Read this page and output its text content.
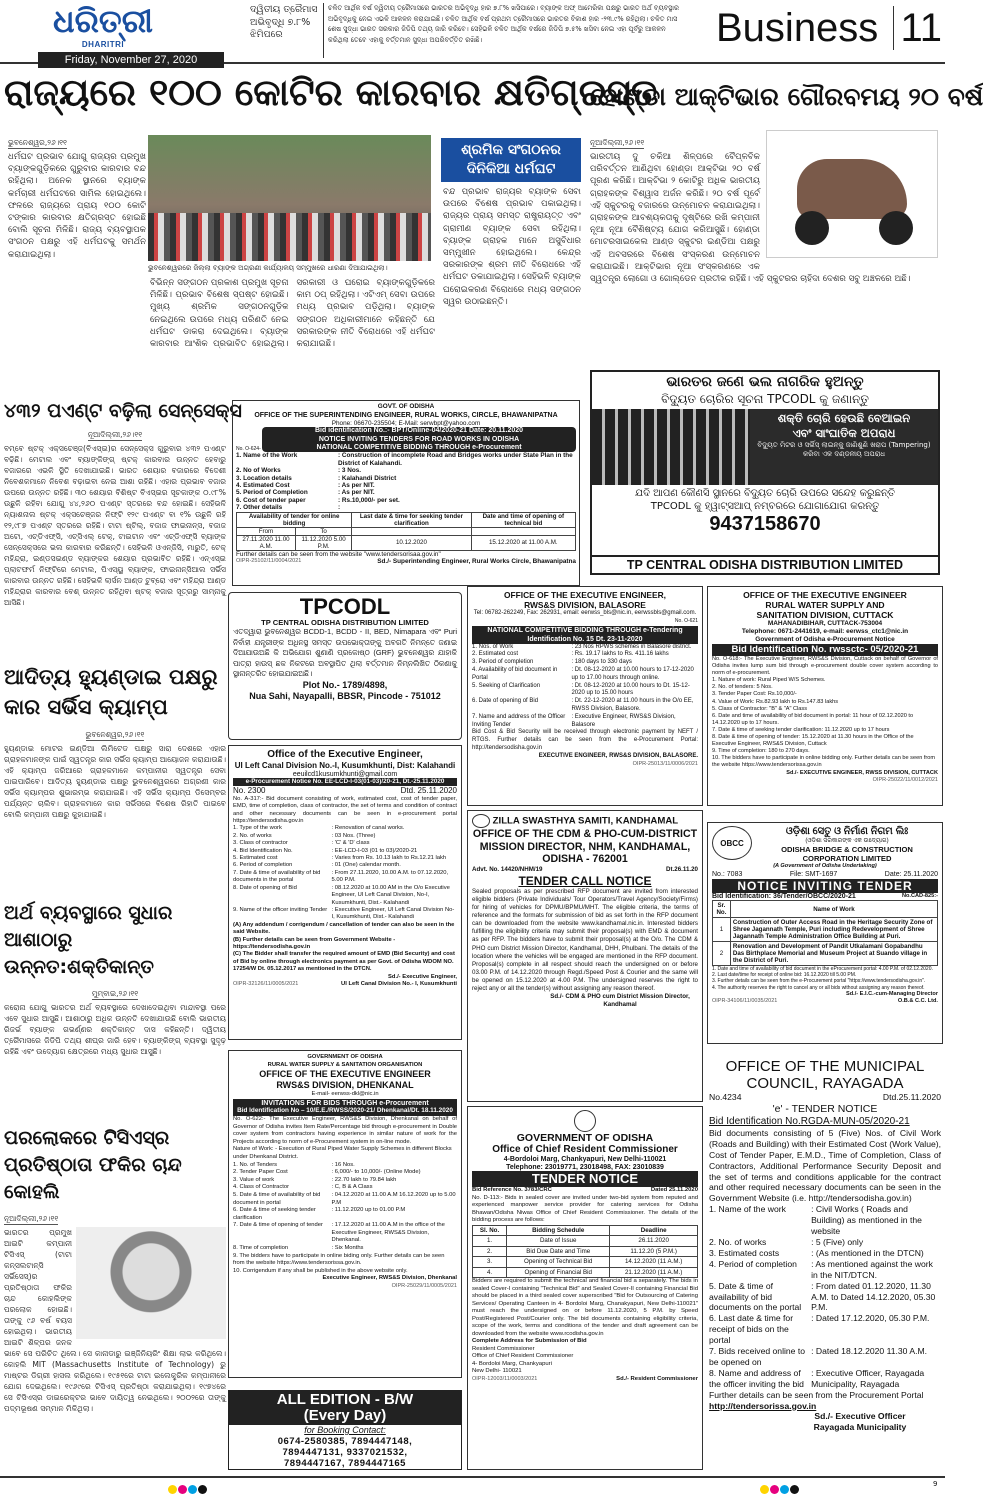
ଧରିତ୍ରୀ
DHARITRI
Friday, November 27, 2020
ଦ୍ୱିତୀୟ ତ୍ରୈମାସ ଅଭିବୃଦ୍ଧି ୭.୮% ଝିମିପରେ
ଚଳିତ ଆର୍ଥିକ ବର୍ଷ ଦ୍ୱିତୀୟ ତ୍ରୈମାସରେ ଭାରତର ଅଭିବୃଦ୍ଧି ହାର ୭.୮% ଖସିପାରେ। ବ୍ୟାଙ୍କ ଅଫ୍ ଆମେରିକା ପକ୍ଷରୁ ଭାରତ ଅର୍ଥ ବ୍ୟବସ୍ଥାର ଅଭିବୃଦ୍ଧିକୁ ନେଇ ଏଭଳି ଆକଳନ କରାଯାଇଛି। ଚଳିତ ଆର୍ଥିକ ବର୍ଷ ପ୍ରଥମ ତ୍ରୈମାସରେ ଭାରତର ବିକାଶ ହାର -୨୩.୯% ରହିଥିଲା। ଚଳିତ ମାସ ଶେଷ ସୁଦ୍ଧା ଭାରତ ସରକାର ଜିଡିପି ତଥ୍ୟ ଜାରି କରିବେ। ସେହିଭଳି ଚଳିତ ଆର୍ଥିକ ବର୍ଷରେ ଜିଡିପି ୭.୫% ଖସିବା ନେଇ ଏହା ପୂର୍ବରୁ ଆକଳନ କରିଥିଲା ତେବେ ଏହାକୁ ବର୍ତ୍ତମାନ ସୁଦ୍ଧା ଅପରିବର୍ତ୍ତିତ ରଖିଛି।	Business 11
ରାଜ୍ୟରେ ୧୦୦ କୋଟିର କାରବାର କ୍ଷତିଗ୍ରସ୍ତ
ଭୁବନେଶ୍ୱର,୨୬।୧୧
ଧର୍ମଘଟ ପ୍ରଭାବ ଯୋଗୁ ରାଜ୍ୟର ପ୍ରମୁଖ ବ୍ୟାଙ୍କଗୁଡ଼ିକରେ ଗୁରୁବାର କାରବାର ବନ୍ଦ ରହିଥିଲା। ଅନେକ ସ୍ଥାନରେ ବ୍ୟାଙ୍କ କର୍ମଚାରୀ ଧର୍ମଘଟରେ ସାମିଲ ହୋଇଥିଲେ। ଫଳରେ ରାଜ୍ୟରେ ପ୍ରାୟ ୧୦୦ କୋଟି ଟଙ୍କାର କାରବାର କ୍ଷତିଗ୍ରସ୍ତ ହୋଇଛି ବୋଲି ସୂଚନା ମିଳିଛି। ରାଜ୍ୟ ବ୍ୟବସ୍ଥାପକ ସଂଗଠନ ପକ୍ଷରୁ ଏହି ଧର୍ମଘଟକୁ ସମର୍ଥନ କରାଯାଇଥିଲା।
ଭୁବନେଶ୍ୱରରେ ଜିଲ୍ଲା ବ୍ୟାଙ୍କ ଅଗ୍ରଣୀ କାର୍ଯ୍ୟାଳୟ ସମ୍ମୁଖରେ ଧାରଣା ଦିଆଯାଇଥିଲା।
ବିଭିନ୍ନ ସଙ୍ଗଠନ ପ୍ରକାଶ ପ୍ରମୁଖ ସୂଚନା ମିଳିଛି। ପ୍ରଭାବ ବିଶେଷ ସ୍ପଷ୍ଟ ହୋଇଛି। ମୁଖ୍ୟ ଶ୍ରମିକ ସଙ୍ଗଠନଗୁଡ଼ିକ ନେଇଥିଲେ ଉପରେ ମଧ୍ୟ ପରିଣତି ନେଇ ଧର୍ମଘଟ ଡାକରା ଦେଇଥିଲେ। ବ୍ୟାଙ୍କ କାରବାର ଆଂଶିକ ପ୍ରଭାବିତ ହୋଇଥିଲା। ସରକାରୀ ଓ ଘରୋଇ ବ୍ୟାଙ୍କଗୁଡ଼ିକରେ କାମ ଠପ୍ ରହିଥିଲା। ଏଟିଏମ୍ ସେବା ଉପରେ ମଧ୍ୟ ପ୍ରଭାବ ପଡ଼ିଥିଲା। ବ୍ୟାଙ୍କ ସଙ୍ଗଠନ ଅଧିକାରୀମାନେ କହିଛନ୍ତି ଯେ ସରକାରଙ୍କ ନୀତି ବିରୋଧରେ ଏହି ଧର୍ମଘଟ କରାଯାଇଛି।
ଶ୍ରମିକ ସଂଗଠନର ଦିନିକିଆ ଧର୍ମଘଟ
ବନ୍ଦ ପ୍ରଭାବ ରାଜ୍ୟର ବ୍ୟାଙ୍କ ସେବା ଉପରେ ବିଶେଷ ପ୍ରଭାବ ପକାଇଥିଲା। ରାଜ୍ୟର ପ୍ରାୟ ସମସ୍ତ ରାଷ୍ଟ୍ରାୟତ୍ତ ଏବଂ ଗ୍ରାମୀଣ ବ୍ୟାଙ୍କ ସେବା ରହିଥିଲା। ବ୍ୟାଙ୍କ ଗ୍ରାହକ ମାନେ ଅସୁବିଧାର ସମ୍ମୁଖୀନ ହୋଇଥିଲେ। କେନ୍ଦ୍ର ସରକାରଙ୍କ ଶ୍ରମ ନୀତି ବିରୋଧରେ ଏହି ଧର୍ମଘଟ ଡକାଯାଇଥିଲା। ସେହିଭଳି ବ୍ୟାଙ୍କ ଘରୋଇକରଣ ବିରୋଧରେ ମଧ୍ୟ ସଙ୍ଗଠନ ସ୍ୱର ଉଠାଇଛନ୍ତି।
ହୋଣ୍ଡା ଆକ୍ଟିଭାର ଗୌରବମୟ ୨୦ ବର୍ଷ
ନୂଆଦିଲ୍ଲୀ,୨୬।୧୧
ଭାରତୀୟ ଦୁ ଚକିଆ ଶିଳ୍ପରେ ବୈପ୍ଳବିକ ପରିବର୍ତ୍ତନ ଆଣିଥିବା ହୋଣ୍ଡା ଆକ୍ଟିଭା ୨୦ ବର୍ଷ ପୂରଣ କରିଛି। ଆକ୍ଟିଭା ୨ କୋଟିରୁ ଅଧିକ ଭାରତୀୟ ଗ୍ରାହକଙ୍କ ବିଶ୍ୱାସ ଅର୍ଜନ କରିଛି। ୨୦ ବର୍ଷ ପୂର୍ବେ ଏହି ସ୍କୁଟରକୁ ବଜାରରେ ଉନ୍ମୋଚନ କରାଯାଇଥିଲା। ଗ୍ରାହକଙ୍କ ଆବଶ୍ୟକତାକୁ ଦୃଷ୍ଟିରେ ରଖି କମ୍ପାନୀ ନୂଆ ନୂଆ ବୈଶିଷ୍ଟ୍ୟ ଯୋଗ କରିଆସୁଛି। ହୋଣ୍ଡା ମୋଟରସାଇକେଲ ଆଣ୍ଡ ସ୍କୁଟର ଇଣ୍ଡିଆ ପକ୍ଷରୁ ଏହି ଅବସରରେ ବିଶେଷ ସଂସ୍କରଣ ଉନ୍ମୋଚନ କରାଯାଇଛି। ଆକ୍ଟିଭାର ନୂଆ ସଂସ୍କରଣରେ ଏକ ସ୍ୱତନ୍ତ୍ର ଲୋଗୋ ଓ ଗୋଲ୍ଡେନ ପ୍ରତୀକ ରହିଛି। ଏହି ସ୍କୁଟରର ଚାହିଦା ଦେଶର ସବୁ ଅଞ୍ଚଳରେ ଅଛି।
ଭାରତର ଜଣେ ଭଲ ନାଗରିକ ହୁଅନ୍ତୁ
ବିଦ୍ୟୁତ ଚୋରିର ସୂଚନା TPCODL କୁ ଜଣାନ୍ତୁ
ଶକ୍ତି ଚୋରି ହେଉଛି ବେଆଇନ
ଏବଂ ସାଂଘାତିକ ଅପରାଧ
ବିଦ୍ୟୁତ ମିଟର ଓ ସର୍ଭିସ୍ ଲାଇନ୍‌କୁ ଜାଣିଶୁଣି ଖରାପ (Tampering) କରିବା ଏକ ଦଣ୍ଡନୀୟ ଅପରାଧ
ଯଦି ଆପଣ କୌଣସି ସ୍ଥାନରେ ବିଦ୍ୟୁତ ଚୋରି ଉପରେ ସନ୍ଦେହ କରୁଛନ୍ତି
TPCODL କୁ ହ୍ୱାଟ୍‌ସଆପ୍ ନମ୍ବରରେ ଯୋଗାଯୋଗ କରନ୍ତୁ
9437158670
TP CENTRAL ODISHA DISTRIBUTION LIMITED
୪୩୨ ପଏଣ୍ଟ ବଢ଼ିଲା ସେନ୍‌ସେକ୍ସ
ନୂଆଦିଲ୍ଲୀ,୨୬।୧୧
ବମ୍ବେ ଷ୍ଟକ୍ ଏକ୍ସଚେଞ୍ଜ(ବିଏସ୍‌ଇ)ର ସେନ୍‌ସେକ୍ସ ଗୁରୁବାର ୪୩୨ ପଏଣ୍ଟ ବଢ଼ିଛି। ମେଟାଲ ଏବଂ ବ୍ୟାଙ୍କିଙ୍ଗ୍ ଷ୍ଟକ୍ କାରବାର ଉନ୍ନତ ହେବାରୁ ବଜାରରେ ଏଭଳି ସ୍ଥିତି ଦେଖାଯାଇଛି। ଭାରତ ଶେୟାର ବଜାରରେ ବିଦେଶୀ ନିବେଶକମାନେ ନିବେଶ ବଢ଼ାଇବା ନେଇ ଆଶା ରହିଛି। ଏହାର ପ୍ରଭାବ ବଜାର ଉପରେ ଉନ୍ନତ ରହିଛି। ୩୦ ଶେୟାର ବିଶିଷ୍ଟ ବିଏସ୍‌ଇର ସୂଚକାଙ୍କ ୦.୯୮% ଉଛୁଳି ରହିବା ଯୋଗୁ ୪୪,୨୬୦ ପଏଣ୍ଟ ସ୍ତରରେ ବନ୍ଦ ହୋଇଛି। ସେହିଭଳି ନ୍ୟାଶନାଲ ଷ୍ଟକ୍ ଏକ୍ସଚେଞ୍ଜର ନିଫ୍ଟି ୧୨୯ ପଏଣ୍ଟ ବା ୧% ଉଛୁଳି ରହି ୧୨,୯୮୭ ପଏଣ୍ଟ ସ୍ତରରେ ରହିଛି। ଟାଟା ଷ୍ଟିଲ୍, ବଜାଜ ଫାଇନାନ୍ସ, ବଜାଜ ଅଟୋ, ଏଚ୍‌ଡିଏଫ୍‌ସି, ଏଚ୍‌ସିଏଲ୍ ଟେକ୍, ଟାଇଟାନ ଏବଂ ଏଚ୍‌ଡିଏଫ୍‌ସି ବ୍ୟାଙ୍କ ସେନ୍‌ସେକ୍ସରେ ଭଲ କାରବାର କରିଛନ୍ତି। ସେହିଭଳି ଓଏନ୍‌ଜିସି, ମାରୁତି, ଟେକ୍ ମହିନ୍ଦ୍ରା, ଇଣ୍ଡସଇଣ୍ଡ ବ୍ୟାଙ୍କର ଶେୟାର ପ୍ରଭାବିତ ରହିଛି। ଏନ୍‌ଏସ୍‌ଇ ପ୍ଲାଟଫର୍ମ ନିଫ୍ଟିରେ ମେଟାଲ, ପିଏସ୍‌ୟୁ ବ୍ୟାଙ୍କ, ଫାଇନାନ୍ସିଆଲ ସର୍ଭିସ କାରବାର ଉନ୍ନତ ରହିଛି। ସେହିଭଳି ଲାର୍ସନ ଆଣ୍ଡ ଟୁବ୍ରୋ ଏବଂ ମହିନ୍ଦ୍ରା ଆଣ୍ଡ ମହିନ୍ଦ୍ରାର କାରବାର ବେଶ୍ ଉନ୍ନତ ରହିଥିବା ଷ୍ଟକ୍ ବଜାର ସୂତ୍ରରୁ ସାମ୍ନାକୁ ଆସିଛି।
ଆଦିତ୍ୟ ହ୍ୟୁଣ୍ଡାଇ ପକ୍ଷରୁ କାର ସର୍ଭିସ କ୍ୟାମ୍ପ
ଭୁବନେଶ୍ୱର,୨୬।୧୧
ହ୍ୟୁଣ୍ଡାଇ ମୋଟର ଇଣ୍ଡିଆ ଲିମିଟେଡ ପକ୍ଷରୁ ସାରା ଦେଶରେ ଏହାର ଗ୍ରାହକମାନଙ୍କ ପାଇଁ ସ୍ୱତନ୍ତ୍ର କାର ସର୍ଭିସ କ୍ୟାମ୍ପ ଆୟୋଜନ କରାଯାଉଛି। ଏହି କ୍ୟାମ୍ପ ଜରିଆରେ ଗ୍ରାହକମାନେ କମ୍ପାନୀର ସ୍ୱତନ୍ତ୍ର ସେବା ପାଇପାରିବେ। ଆଦିତ୍ୟ ହ୍ୟୁଣ୍ଡାଇ ପକ୍ଷରୁ ଭୁବନେଶ୍ୱରରେ ଅଗ୍ରଣୀ କାର ସର୍ଭିସ କ୍ୟାମ୍ପର ଶୁଭାରମ୍ଭ କରାଯାଇଛି। ଏହି ସର୍ଭିସ କ୍ୟାମ୍ପ ଡିସେମ୍ବର ପର୍ଯ୍ୟନ୍ତ ଚାଲିବ। ଗ୍ରାହକମାନେ କାର ସର୍ଭିସରେ ବିଶେଷ ରିହାତି ପାଇବେ ବୋଲି କମ୍ପାନୀ ପକ୍ଷରୁ କୁହାଯାଇଛି।
ଅର୍ଥ ବ୍ୟବସ୍ଥାରେ ସୁଧାର ଆଶାଠାରୁ ଉନ୍ନତ:ଶକ୍ତିକାନ୍ତ
ମୁମ୍ବାଇ,୨୬।୧୧
କରୋନା ଯୋଗୁ ଭାରତର ଅର୍ଥ ବ୍ୟବସ୍ଥାରେ ଦେଖାଦେଇଥିବା ମାନ୍ଦାବସ୍ଥା ପରେ ଏବେ ସୁଧାର ଆସୁଛି। ଆଶାଠାରୁ ଅଧିକ ଉନ୍ନତି ଦେଖାଯାଉଛି ବୋଲି ଭାରତୀୟ ରିଜର୍ଭ ବ୍ୟାଙ୍କ ଗଭର୍ଣ୍ଣର ଶକ୍ତିକାନ୍ତ ଦାସ କହିଛନ୍ତି। ଦ୍ୱିତୀୟ ତ୍ରୈମାସରେ ଜିଡିପି ତଥ୍ୟ ଶୀଘ୍ର ଜାରି ହେବ। ବ୍ୟାଙ୍କିଙ୍ଗ୍ ବ୍ୟବସ୍ଥା ସୁଦୃଢ଼ ରହିଛି ଏବଂ ଉଦ୍ୟୋଗ କ୍ଷେତ୍ରରେ ମଧ୍ୟ ସୁଧାର ଆସୁଛି।
ପରଲୋକରେ ଟିସିଏସ୍‌ର ପ୍ରତିଷ୍ଠାତା ଫକିର ଚାନ୍ଦ କୋହଲି
ନୂଆଦିଲ୍ଲୀ,୨୬।୧୧
ଭାରତର ପ୍ରମୁଖ ଆଇଟି କମ୍ପାନୀ ଟିସିଏସ୍ (ଟାଟା କନ୍‌ସଲଟାନ୍‌ସି ସର୍ଭିସେସ୍)ର ପ୍ରତିଷ୍ଠାତା ଫକିର ଚାନ୍ଦ କୋହଲିଙ୍କ ପରଲୋକ ହୋଇଛି। ତାଙ୍କୁ ୯୬ ବର୍ଷ ବୟସ ହୋଇଥିଲା। ଭାରତୀୟ ଆଇଟି ଶିଳ୍ପର ଜନକ ଭାବେ ସେ ପରିଚିତ ଥିଲେ। ସେ କାନାଡାରୁ ଇଞ୍ଜିନିୟରିଂ ଶିକ୍ଷା ଲାଭ କରିଥିଲେ। କୋହଲି MIT (Massachusetts Institute of Technology) ରୁ ମାଷ୍ଟର ଡିଗ୍ରୀ ହାସଲ କରିଥିଲେ। ୧୯୫୧ରେ ଟାଟା ଇଲେକ୍ଟ୍ରିକ କମ୍ପାନୀରେ ଯୋଗ ଦେଇଥିଲେ। ୧୯୬୯ରେ ଟିସିଏସ୍ ପ୍ରତିଷ୍ଠା କରାଯାଇଥିଲା। ୧୯୭୪ରେ ସେ ଟିସିଏସ୍‌ର ଡାଇରେକ୍ଟର ଭାବେ ଦାୟିତ୍ୱ ନେଇଥିଲେ। ୨୦୦୨ରେ ତାଙ୍କୁ ପଦ୍ମଭୂଷଣ ସମ୍ମାନ ମିଳିଥିଲା।
GOVT. OF ODISHA
OFFICE OF THE SUPERINTENDING ENGINEER, RURAL WORKS, CIRCLE, BHAWANIPATNA
Phone: 06670-235504; E-Mail: serwbpt@yahoo.com
No. O-624-
Bid identification No.:- BPT/Online-04/2020-21 Date: 20.11.2020
NOTICE INVITING TENDERS FOR ROAD WORKS IN ODISHA
NATIONAL COMPETITIVE BIDDING THROUGH e-Procurement
1. Name of the Work	: Construction of incomplete Road and Bridges works under State Plan in the District of Kalahandi.
2. No of Works	: 3 Nos.
3. Location details	: Kalahandi District
4. Estimated Cost	: As per NIT.
5. Period of Completion	: As per NIT.
6. Cost of tender paper	: Rs.10,000/- per set.
7. Other details
:
Availability of tender for online bidding		Last date & time for seeking tender clarification	Date and time of opening of technical bid
From	To		
27.11.2020 11.00 A.M.	11.12.2020 5.00 P.M.	10.12.2020	15.12.2020 at 11.00 A.M.
Further details can be seen from the website "www.tendersorisaa.gov.in"
OIPR-25102/11/0004/2021	Sd./- Superintending Engineer, Rural Works Circle, Bhawanipatna
TPCODL
TP CENTRAL ODISHA DISTRIBUTION LIMITED
ଏତଦ୍ୱାରା ଭୁବନେଶ୍ୱର BCDD-1, BCDD - II, BED, Nimapara ଏବଂ Puri ନିର୍ବାହୀ ଯନ୍ତ୍ରୀଙ୍କ ଅଧିନସ୍ଥ ସମସ୍ତ ଉପଭୋକ୍ତାଙ୍କୁ ଅବଗତି ନିମନ୍ତେ ଜଣାଇ ଦିଆଯାଉଅଛି କି ଅଭିଯୋଗ ଶୁଣାଣି ପ୍ରକୋଷ୍ଠ (GRF) ଭୁବନେଶ୍ୱର ଯାହାକି ପାତ୍ରା ହାଉସ୍ ଛକ ନିକଟରେ ଅବସ୍ଥାପିତ ଥିଲା ବର୍ତ୍ତମାନ ନିମ୍ନଲିଖିତ ଠିକଣାକୁ ସ୍ଥାନାନ୍ତରିତ ହୋଇଯାଇଅଛି।
Plot No.- 1789/4898,
Nua Sahi, Nayapalli, BBSR, Pincode - 751012
Office of the Executive Engineer,
UI Left Canal Division No.-I, Kusumkhunti, Dist: Kalahandi
eeuilcd1kusumkhunti@gmail.com
e-Procurement Notice No. EE-LCD-I-03(01-03)/20-21, Dt.-25.11.2020
No. 2300	Dtd. 25.11.2020
No. A-317:- Bid document consisting of work, estimated cost, cost of tender paper, EMD, time of completion, class of contractor, the set of terms and condition of contract and other necessary documents can be seen in e-procurement portal https://tendersodisha.gov.in
1. Type of the work	: Renovation of canal works.
2. No. of works	: 03 Nos. (Three)
3. Class of contractor	: 'C' & 'D' class
4. Bid Identification No.	: EE-LCD-I-03 (01 to 03)/2020-21
5. Estimated cost	: Varies from Rs. 10.13 lakh to Rs.12.21 lakh
6. Period of completion	: 01 (One) calendar month.
7. Date & time of availability of bid documents in the portal
: From 27.11.2020, 10.00 A.M. to 07.12.2020, 5.00 P.M.
8. Date of opening of Bid	: 08.12.2020 at 10.00 AM in the O/o Executive Engineer, UI Left Canal Division, No-I, Kusumkhunti, Dist.- Kalahandi
9. Name of the officer inviting Tender	: Executive Engineer, UI Left Canal Division No-I, Kusumkhunti, Dist.- Kalahandi
(A) Any addendum / corrigendum / cancellation of tender can also be seen in the said Website.
(B) Further details can be seen from Government Website - https://tendersodisha.gov.in
(C) The Bidder shall transfer the required amount of EMD (Bid Security) and cost of Bid by online through electronics payment as per Govt. of Odisha WDOM NO. 17254/W Dt. 05.12.2017 as mentioned in the DTCN.
Sd./- Executive Engineer,
OIPR-32126/11/0005/2021	UI Left Canal Division No.- I, Kusumkhunti
GOVERNMENT OF ODISHA
RURAL WATER SUPPLY & SANITATION ORGANISATION
OFFICE OF THE EXECUTIVE ENGINEER
RWS&S DIVISION, DHENKANAL
E-mail- eerwss-dkl@nic.in
INVITATIONS FOR BIDS THROUGH e-Procurement
Bid Identification No – 10/E.E./RWSS/2020-21/ Dhenkanal/Dt. 18.11.2020
No. O-622:- The Executive Engineer, RWS&S Division, Dhenkanal on behalf of Governor of Odisha invites Item Rate/Percentage bid through e-procurement in Double cover system from contractors having experience in similar nature of work for the Projects according to norm of e-Procurement system in on-line mode.
Nature of Work: - Execution of Rural Piped Water Supply Schemes in different Blocks under Dhenkanal District.
1. No. of Tenders	: 16 Nos.
2. Tender Paper Cost	: 6,000/- to 10,000/- (Online Mode)
3. Value of work	: 22.70 lakh to 79.84 lakh
4. Class of Contractor	: C, B & A Class
5. Date & time of availability of bid document in portal
: 04.12.2020 at 11.00 A.M 16.12.2020 up to 5.00 P.M
6. Date & time of seeking tender clarification
: 11.12.2020 up to 01.00 P.M
7. Date & time of opening of tender	: 17.12.2020 at 11.00 A.M in the office of the Executive Engineer, RWS&S Division, Dhenkanal.
8. Time of completion	: Six Months
9. The bidders have to participate in online biding only. Further details can be seen from the website https://www.tendersorissa.gov.in.
10. Corrigendum if any shall be published in the above website only.
Executive Engineer, RWS&S Division, Dhenkanal
OIPR-25029/11/0005/2021
ALL EDITION - B/W
(Every Day)
for Booking Contact:
0674-2580385, 7894447148,
7894447131, 9337021532,
7894447167, 7894447165
OFFICE OF THE EXECUTIVE ENGINEER,
RWS&S DIVISION, BALASORE
Tel: 06782-262249, Fax: 262931, email: eerwss_bls@nic.in, eerwssbls@gmail.com.
No. O-621
NATIONAL COMPETITIVE BIDDING THROUGH e-Tendering
Identification No. 15 Dt. 23-11-2020
1. Nos. of Work	: 23 Nos RPWS schemes in Balasore district.
2. Estimated cost	: Rs. 19.17 lakhs to Rs. 411.16 lakhs
3. Period of completion	: 180 days to 330 days
4. Availability of bid document in Portal
: Dt. 08-12-2020 at 10.00 hours to 17-12-2020 up to 17.00 hours through online.
5. Seeking of Clarification	: Dt. 08-12-2020 at 10.00 hours to Dt. 15-12-2020 up to 15.00 hours
6. Date of opening of Bid	: Dt. 22-12-2020 at 11.00 hours in the O/o EE, RWSS Division, Balasore.
7. Name and address of the Officer Inviting Tender
: Executive Engineer, RWS&S Division, Balasore
Bid Cost & Bid Security will be received through electronic payment by NEFT / RTGS. Further details can be seen from the e-Procurement Portal: http://tendersodisha.gov.in
EXECUTIVE ENGINEER, RWS&S DIVISION, BALASORE.
OIPR-25013/11/0006/2021
ZILLA SWASTHYA SAMITI, KANDHAMAL
OFFICE OF THE CDM & PHO-CUM-DISTRICT MISSION DIRECTOR, NHM, KANDHAMAL, ODISHA - 762001
Advt. No. 14420/NHM/19	Dt.26.11.20
TENDER CALL NOTICE
Sealed proposals as per prescribed RFP document are invited from interested eligible bidders (Private Individuals/ Tour Operators/Travel Agency/Society/Firms) for hiring of vehicles for DPMU/BPMU/MHT. The eligible criteria, the terms of reference and the formats for submission of bid as set forth in the RFP document can be downloaded from the website www.kandhamal.nic.in. Interested bidders fulfilling the eligibility criteria may submit their proposal(s) with EMD & document as per RFP. The bidders have to submit their proposal(s) at the O/o. The CDM & PHO cum District Mission Director, Kandhamal, DHH, Phulbani. The details of the location where the vehicles will be engaged are mentioned in the RFP document. Proposal(s) complete in all respect should reach the undersigned on or before 03.00 P.M. of 14.12.2020 through Regd./Speed Post & Courier and the same will be opened on 15.12.2020 at 4.00 P.M. The undersigned reserves the right to reject any or all the tender(s) without assigning any reason thereof.
Sd./- CDM & PHO cum District Mission Director, Kandhamal
GOVERNMENT OF ODISHA
Office of Chief Resident Commissioner
4-Bordoloi Marg, Chankyapuri, New Delhi-110021
Telephone: 23019771, 23018498, FAX: 23010839
TENDER NOTICE
Bid Reference No. 3783/CRC	Dated 25.11.2020
No. D-113:- Bids in sealed cover are invited under two-bid system from reputed and experienced manpower service provider for catering services for Odisha Bhawan/Odisha Niwas Office of Chief Resident Commissioner. The details of the bidding process are follows:
Sl. No.	Bidding Schedule	Deadline
1.	Date of Issue	26.11.2020
2.	Bid Due Date and Time	11.12.20 (5 P.M.)
3.	Opening of Technical Bid	14.12.2020 (11 A.M.)
4.	Opening of Financial Bid	21.12.2020 (11 A.M.)
Bidders are required to submit the technical and financial bid a separately. The bids in sealed Cover-I containing "Technical Bid" and Sealed Cover-II containing Financial Bid should be placed in a third sealed cover superscribed "Bid for Outsourcing of Catering Services/ Operating Canteen in 4- Bordoloi Marg, Chanakyapuri, New Delhi-110021" must reach the undersigned on or before 11.12.2020, 5 P.M. by Speed Post/Registered Post/Courier only. The bid documents containing eligibility criteria, scope of the work, terms and conditions of the tender and draft agreement can be downloaded from the website www.rcodisha.gov.in
Complete Address for Submission of Bid
Resident Commissioner
Office of Chief Resident Commissioner
4- Bordoloi Marg, Chankyapuri
New Delhi- 110021
OIPR-12003/11/0003/2021	Sd./- Resident Commissioner
OFFICE OF THE EXECUTIVE ENGINEER
RURAL WATER SUPPLY AND
SANITATION DIVISION, CUTTACK
MAHANADIBIHAR, CUTTACK-753004
Telephone: 0671-2441619, e-mail: eerwss_ctc1@nic.in
Government of Odisha e-Procurement Notice
Bid Identification No. rwssctc- 05/2020-21
No. O-618:- The Executive Engineer, RWS&S Division, Cuttack on behalf of Governor of Odisha invites lump sum bid through e-procurement double cover system according to norm of e-procurement.
1. Nature of work: Rural Piped W/S Schemes.
2. No. of tenders: 5 Nos.
3. Tender Paper Cost: Rs.10,000/-
4. Value of Work: Rs.82.93 lakh to Rs.147.83 lakhs
5. Class of Contractor: "B" & "A" Class
6. Date and time of availability of bid document in portal: 11 hour of 02.12.2020 to 14.12.2020 up to 17 hours.
7. Date & time of seeking tender clarification: 11.12.2020 up to 17 hours
8. Date & time of opening of tender: 15.12.2020 at 11.30 hours in the Office of the Executive Engineer, RWS&S Division, Cuttack
9. Time of completion: 180 to 270 days.
10. The bidders have to participate in online bidding only. Further details can be seen from the website https://www.tendersorissa.gov.in
Sd./- EXECUTIVE ENGINEER, RWSS DIVISION, CUTTACK
OIPR-25022/11/0012/2021
OBCC
ଓଡ଼ିଶା ସେତୁ ଓ ନିର୍ମାଣ ନିଗମ ଲିଃ
(ଓଡ଼ିଶା ସରକାରଙ୍କ ଏକ ଉଦ୍ୟୋଗ)
ODISHA BRIDGE & CONSTRUCTION CORPORATION LIMITED
(A Government of Odisha Undertaking)
No.: 7083	File: SMT-1697	Date: 25.11.2020
NOTICE INVITING TENDER
Bid Identification: 36/Tender/OBCC/2020-21	No.CAD-825:-
Sr. No.	Name of Work
1	Construction of Outer Access Road in the Heritage Security Zone of Shree Jagannath Temple, Puri including Redevelopment of Shree Jagannath Temple Administration Office Building at Puri.
2	Renovation and Development of Pandit Utkalamani Gopabandhu Das Birthplace Memorial and Museum Project at Suando village in the District of Puri.
1. Date and time of availability of bid document in the eProcurement portal: 4.00 P.M. of 02.12.2020.
2. Last date/time for receipt of online bid: 16.12.2020 till 5.00 PM.
3. Further details can be seen from the e-Procurement portal "https://www.tendersodisha.gov.in".
4. The authority reserves the right to cancel any or all bids without assigning any reason thereof.
Sd./- E.I.C.-cum-Managing Director
OIPR-34106/11/0035/2021	O.B.& C.C. Ltd.
OFFICE OF THE MUNICIPAL COUNCIL, RAYAGADA
No.4234	Dtd.25.11.2020
'e' - TENDER NOTICE
Bid Identification No.RGDA-MUN-05/2020-21
Bid documents consisting of 5 (Five) Nos. of Civil Work (Roads and Building) with their Estimated Cost (Work Value), Cost of Tender Paper, E.M.D., Time of Completion, Class of Contractors, Additional Performance Security Deposit and the set of terms and conditions applicable for the contract and other required necessary documents can be seen in the Government Website (i.e. http://tendersodisha.gov.in)
1. Name of the work	: Civil Works ( Roads and Building) as mentioned in the website
2. No. of works	: 5 (Five) only
3. Estimated costs	: (As mentioned in the DTCN)
4. Period of completion	: As mentioned against the work in the NIT/DTCN.
5. Date & time of availability of bid documents on the portal
: From dated 01.12.2020, 11.30 A.M. to Dated 14.12.2020, 05.30 P.M.
6. Last date & time for receipt of bids on the portal
: Dated 17.12.2020, 05.30 P.M.
7. Bids received online to be opened on
: Dated 18.12.2020 11.30 A.M.
8. Name and address of the officer inviting the bid
: Executive Officer, Rayagada Municipality, Rayagada
Further details can be seen from the Procurement Portal
http://tendersorissa.gov.in
Sd./- Executive Officer
Rayagada Municipality
9
